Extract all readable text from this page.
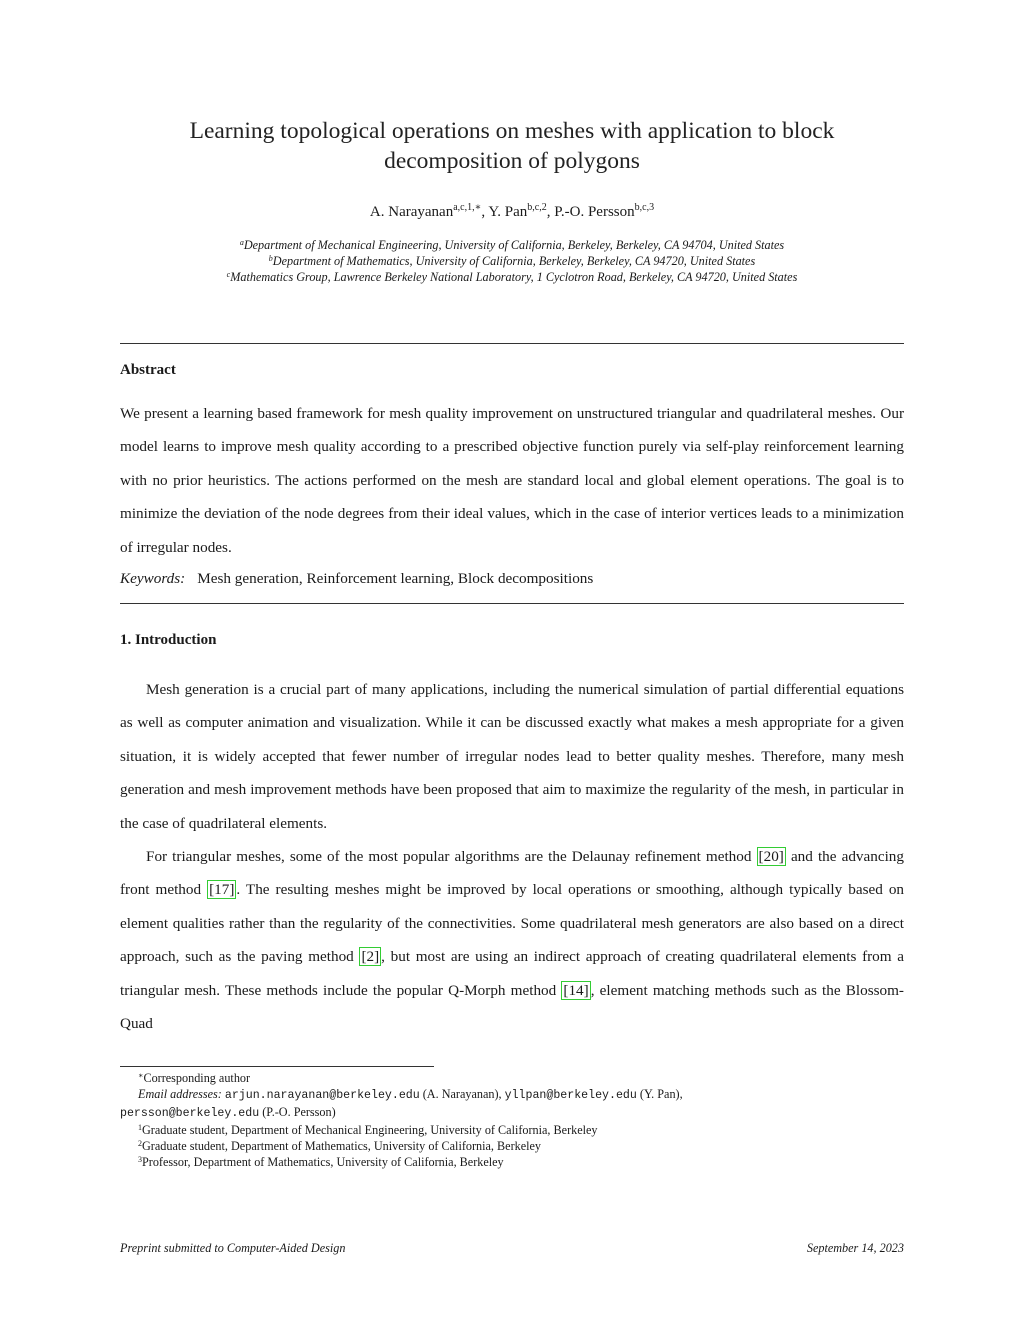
Learning topological operations on meshes with application to block
decomposition of polygons
A. Narayanan$^{a,c,1,∗}$, Y. Pan$^{b,c,2}$, P.-O. Persson$^{b,c,3}$
$^a$Department of Mechanical Engineering, University of California, Berkeley, Berkeley, CA 94704, United States
$^b$Department of Mathematics, University of California, Berkeley, Berkeley, CA 94720, United States
$^c$Mathematics Group, Lawrence Berkeley National Laboratory, 1 Cyclotron Road, Berkeley, CA 94720, United States
Abstract

We present a learning based framework for mesh quality improvement on unstructured triangular and quadrilateral meshes. Our model learns to improve mesh quality according to a prescribed objective function purely via self-play reinforcement learning with no prior heuristics. The actions performed on the mesh are standard local and global element operations. The goal is to minimize the deviation of the node degrees from their ideal values, which in the case of interior vertices leads to a minimization of irregular nodes.

Keywords: Mesh generation, Reinforcement learning, Block decompositions
1. Introduction

Mesh generation is a crucial part of many applications, including the numerical simulation of partial differential equations as well as computer animation and visualization. While it can be discussed exactly what makes a mesh appropriate for a given situation, it is widely accepted that fewer number of irregular nodes lead to better quality meshes. Therefore, many mesh generation and mesh improvement methods have been proposed that aim to maximize the regularity of the mesh, in particular in the case of quadrilateral elements.

For triangular meshes, some of the most popular algorithms are the Delaunay refinement method [20] and the advancing front method [17] . The resulting meshes might be improved by local operations or smoothing, although typically based on element qualities rather than the regularity of the connectivities. Some quadrilateral mesh generators are also based on a direct approach, such as the paving method [2] , but most are using an indirect approach of creating quadrilateral elements from a triangular mesh. These methods include the popular Q-Morph method [14] , element matching methods such as the Blossom-Quad

∗Corresponding author
Email addresses: arjun.narayanan@berkeley.edu (A. Narayanan), yllpan@berkeley.edu (Y. Pan),
persson@berkeley.edu (P.-O. Persson)
$^1$Graduate student, Department of Mechanical Engineering, University of California, Berkeley
$^2$Graduate student, Department of Mathematics, University of California, Berkeley
$^3$Professor, Department of Mathematics, University of California, Berkeley
Preprint submitted to Computer-Aided Design	September 14, 2023
